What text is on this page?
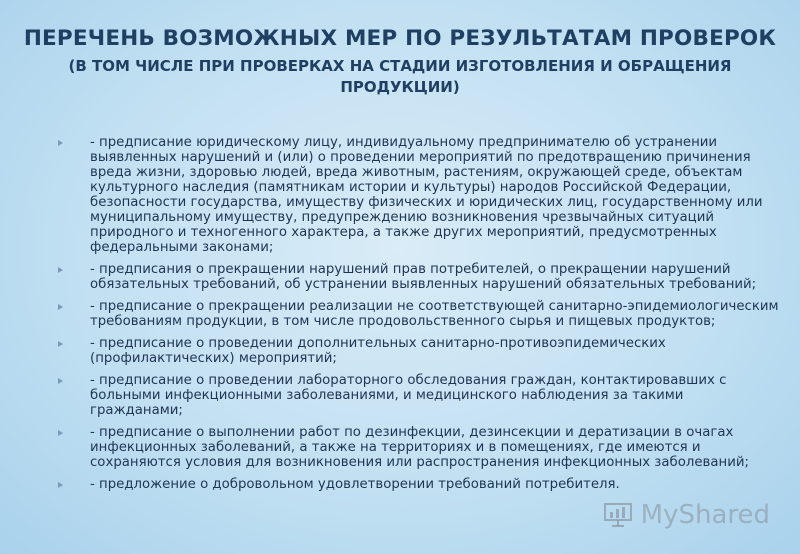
ПЕРЕЧЕНЬ ВОЗМОЖНЫХ МЕР ПО РЕЗУЛЬТАТАМ ПРОВЕРОК
(В ТОМ ЧИСЛЕ ПРИ ПРОВЕРКАХ НА СТАДИИ ИЗГОТОВЛЕНИЯ И ОБРАЩЕНИЯ ПРОДУКЦИИ)
- предписание юридическому лицу, индивидуальному предпринимателю об устранении выявленных нарушений и (или) о проведении мероприятий по предотвращению причинения вреда жизни, здоровью людей, вреда животным, растениям, окружающей среде, объектам культурного наследия (памятникам истории и культуры) народов Российской Федерации, безопасности государства, имуществу физических и юридических лиц, государственному или муниципальному имуществу, предупреждению возникновения чрезвычайных ситуаций природного и техногенного характера, а также других мероприятий, предусмотренных федеральными законами;
- предписания о прекращении нарушений прав потребителей, о прекращении нарушений обязательных требований, об устранении выявленных нарушений обязательных требований;
- предписание о прекращении реализации не соответствующей санитарно-эпидемиологическим требованиям продукции, в том числе продовольственного сырья и пищевых продуктов;
- предписание о проведении дополнительных санитарно-противоэпидемических (профилактических) мероприятий;
- предписание о проведении лабораторного обследования граждан, контактировавших с больными инфекционными заболеваниями, и медицинского наблюдения за такими гражданами;
- предписание о выполнении работ по дезинфекции, дезинсекции и дератизации в очагах инфекционных заболеваний, а также на территориях и в помещениях, где имеются и сохраняются условия для возникновения или распространения инфекционных заболеваний;
- предложение о добровольном удовлетворении требований потребителя.
MyShared
